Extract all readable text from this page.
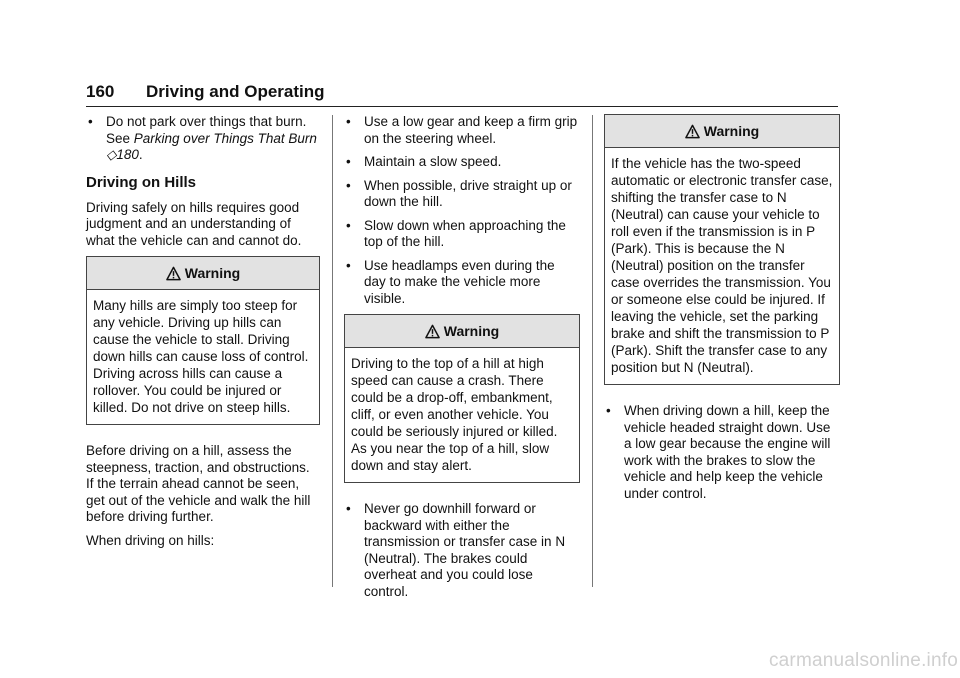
160 Driving and Operating
• Do not park over things that burn. See Parking over Things That Burn ◇180.
Driving on Hills

Driving safely on hills requires good judgment and an understanding of what the vehicle can and cannot do.

Warning
Many hills are simply too steep for any vehicle. Driving up hills can cause the vehicle to stall. Driving down hills can cause loss of control. Driving across hills can cause a rollover. You could be injured or killed. Do not drive on steep hills.

Before driving on a hill, assess the steepness, traction, and obstructions. If the terrain ahead cannot be seen, get out of the vehicle and walk the hill before driving further.

When driving on hills:

• Use a low gear and keep a firm grip on the steering wheel.
• Maintain a slow speed.
• When possible, drive straight up or down the hill.
• Slow down when approaching the top of the hill.
• Use headlamps even during the day to make the vehicle more visible.
Warning
Driving to the top of a hill at high speed can cause a crash. There could be a drop-off, embankment, cliff, or even another vehicle. You could be seriously injured or killed. As you near the top of a hill, slow down and stay alert.
• Never go downhill forward or backward with either the transmission or transfer case in N (Neutral). The brakes could overheat and you could lose control.
Warning
If the vehicle has the two-speed automatic or electronic transfer case, shifting the transfer case to N (Neutral) can cause your vehicle to roll even if the transmission is in P (Park). This is because the N (Neutral) position on the transfer case overrides the transmission. You or someone else could be injured. If leaving the vehicle, set the parking brake and shift the transmission to P (Park). Shift the transfer case to any position but N (Neutral).
• When driving down a hill, keep the vehicle headed straight down. Use a low gear because the engine will work with the brakes to slow the vehicle and help keep the vehicle under control.
carmanualsonline.info
